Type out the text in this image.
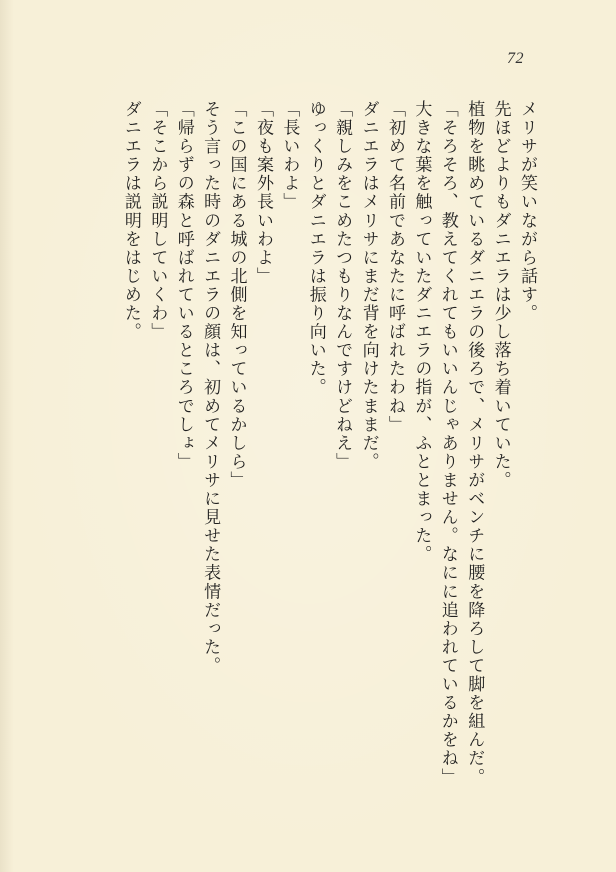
72
メリサが笑いながら話す。
先ほどよりもダニエラは少し落ち着いていた。
植物を眺めているダニエラの後ろで、メリサがベンチに腰を降ろして脚を組んだ。
「そろそろ、教えてくれてもいいんじゃありません。なにに追われているかをね」
大きな葉を触っていたダニエラの指が、ふととまった。
「初めて名前であなたに呼ばれたわね」
ダニエラはメリサにまだ背を向けたままだ。
「親しみをこめたつもりなんですけどねえ」
ゆっくりとダニエラは振り向いた。
「長いわよ」
「夜も案外長いわよ」
「この国にある城の北側を知っているかしら」
そう言った時のダニエラの顔は、初めてメリサに見せた表情だった。
「帰らずの森と呼ばれているところでしょ」
「そこから説明していくわ」
ダニエラは説明をはじめた。
